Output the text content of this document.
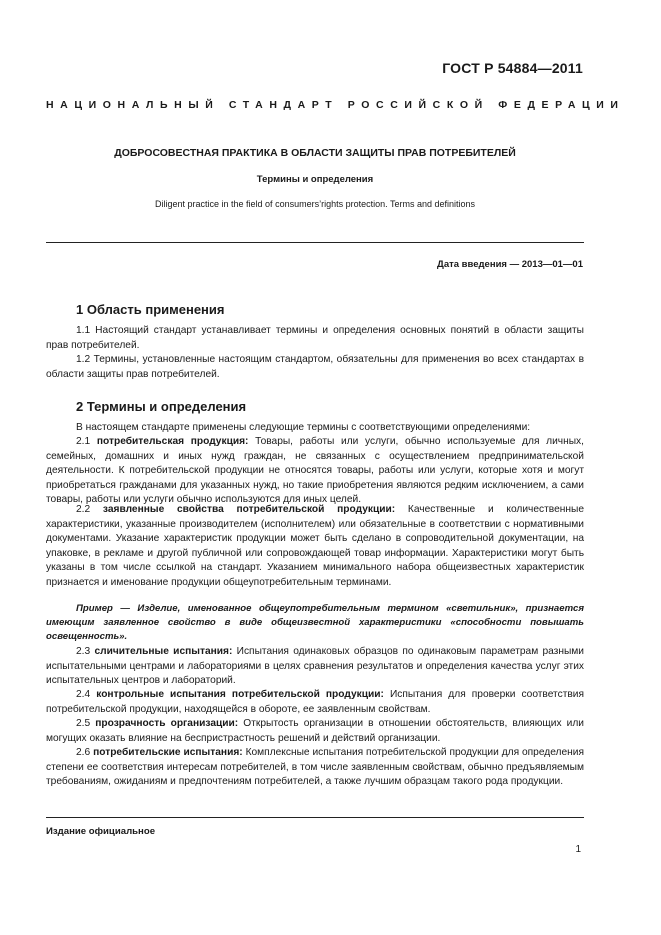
ГОСТ Р 54884—2011
НАЦИОНАЛЬНЫЙ СТАНДАРТ РОССИЙСКОЙ ФЕДЕРАЦИИ
ДОБРОСОВЕСТНАЯ ПРАКТИКА В ОБЛАСТИ ЗАЩИТЫ ПРАВ ПОТРЕБИТЕЛЕЙ
Термины и определения
Diligent practice in the field of consumers’rights protection. Terms and definitions
Дата введения — 2013—01—01
1 Область применения
1.1 Настоящий стандарт устанавливает термины и определения основных понятий в области защиты прав потребителей.
1.2 Термины, установленные настоящим стандартом, обязательны для применения во всех стандартах в области защиты прав потребителей.
2 Термины и определения
В настоящем стандарте применены следующие термины с соответствующими определениями:
2.1 потребительская продукция: Товары, работы или услуги, обычно используемые для личных, семейных, домашних и иных нужд граждан, не связанных с осуществлением предпринимательской деятельности. К потребительской продукции не относятся товары, работы или услуги, которые хотя и могут приобретаться гражданами для указанных нужд, но такие приобретения являются редким исключением, а сами товары, работы или услуги обычно используются для иных целей.
2.2 заявленные свойства потребительской продукции: Качественные и количественные характеристики, указанные производителем (исполнителем) или обязательные в соответствии с нормативными документами. Указание характеристик продукции может быть сделано в сопроводительной документации, на упаковке, в рекламе и другой публичной или сопровождающей товар информации. Характеристики могут быть указаны в том числе ссылкой на стандарт. Указанием минимального набора общеизвестных характеристик признается и именование продукции общеупотребительным терминами.
Пример — Изделие, именованное общеупотребительным термином «светильник», признается имеющим заявленное свойство в виде общеизвестной характеристики «способности повышать освещенность».
2.3 сличительные испытания: Испытания одинаковых образцов по одинаковым параметрам разными испытательными центрами и лабораториями в целях сравнения результатов и определения качества услуг этих испытательных центров и лабораторий.
2.4 контрольные испытания потребительской продукции: Испытания для проверки соответствия потребительской продукции, находящейся в обороте, ее заявленным свойствам.
2.5 прозрачность организации: Открытость организации в отношении обстоятельств, влияющих или могущих оказать влияние на беспристрастность решений и действий организации.
2.6 потребительские испытания: Комплексные испытания потребительской продукции для определения степени ее соответствия интересам потребителей, в том числе заявленным свойствам, обычно предъявляемым требованиям, ожиданиям и предпочтениям потребителей, а также лучшим образцам такого рода продукции.
Издание официальное
1
